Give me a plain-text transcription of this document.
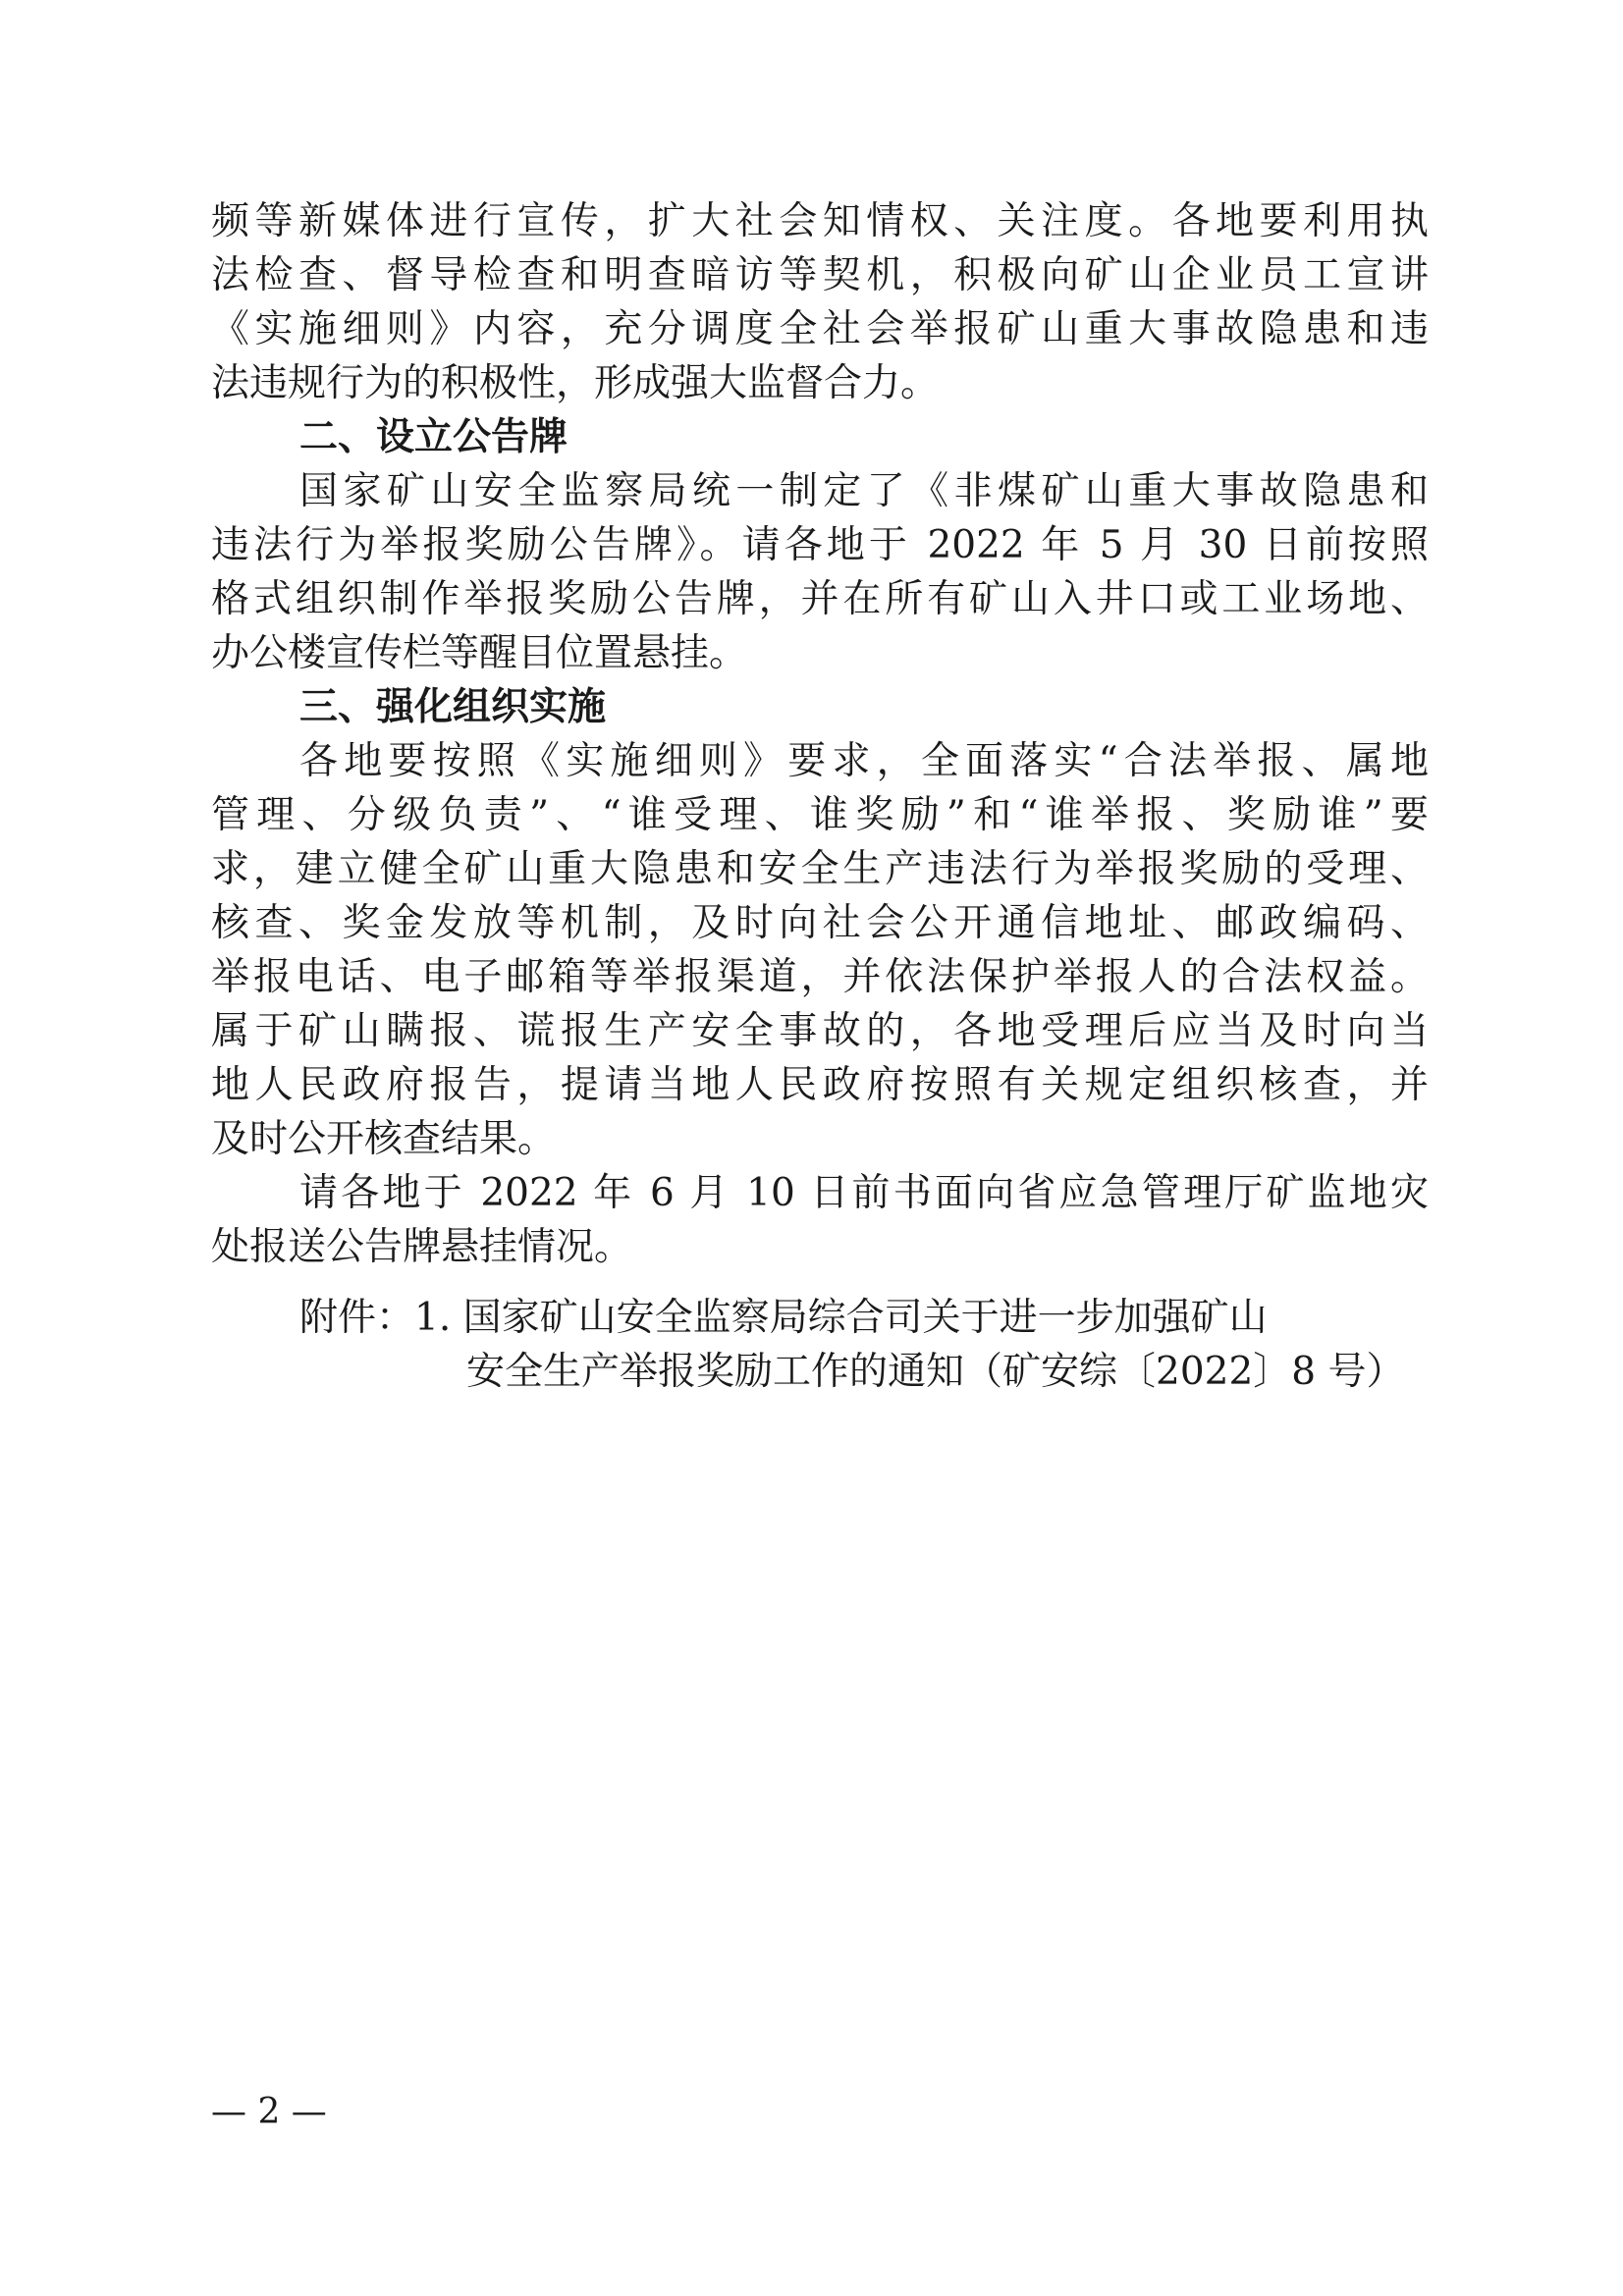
频等新媒体进行宣传，扩大社会知情权、关注度。各地要利用执
法检查、督导检查和明查暗访等契机，积极向矿山企业员工宣讲
《实施细则》内容，充分调度全社会举报矿山重大事故隐患和违
法违规行为的积极性，形成强大监督合力。
二、设立公告牌
国家矿山安全监察局统一制定了《非煤矿山重大事故隐患和
违法行为举报奖励公告牌》。请各地于 2022 年 5 月 30 日前按照
格式组织制作举报奖励公告牌，并在所有矿山入井口或工业场地、
办公楼宣传栏等醒目位置悬挂。
三、强化组织实施
各地要按照《实施细则》要求，全面落实“合法举报、属地
管理、分级负责”、“谁受理、谁奖励”和“谁举报、奖励谁”要
求，建立健全矿山重大隐患和安全生产违法行为举报奖励的受理、
核查、奖金发放等机制，及时向社会公开通信地址、邮政编码、
举报电话、电子邮箱等举报渠道，并依法保护举报人的合法权益。
属于矿山瞒报、谎报生产安全事故的，各地受理后应当及时向当
地人民政府报告，提请当地人民政府按照有关规定组织核查，并
及时公开核查结果。
请各地于 2022 年 6 月 10 日前书面向省应急管理厅矿监地灾
处报送公告牌悬挂情况。
附件：1. 国家矿山安全监察局综合司关于进一步加强矿山
安全生产举报奖励工作的通知（矿安综〔2022〕8 号）
— 2 —
